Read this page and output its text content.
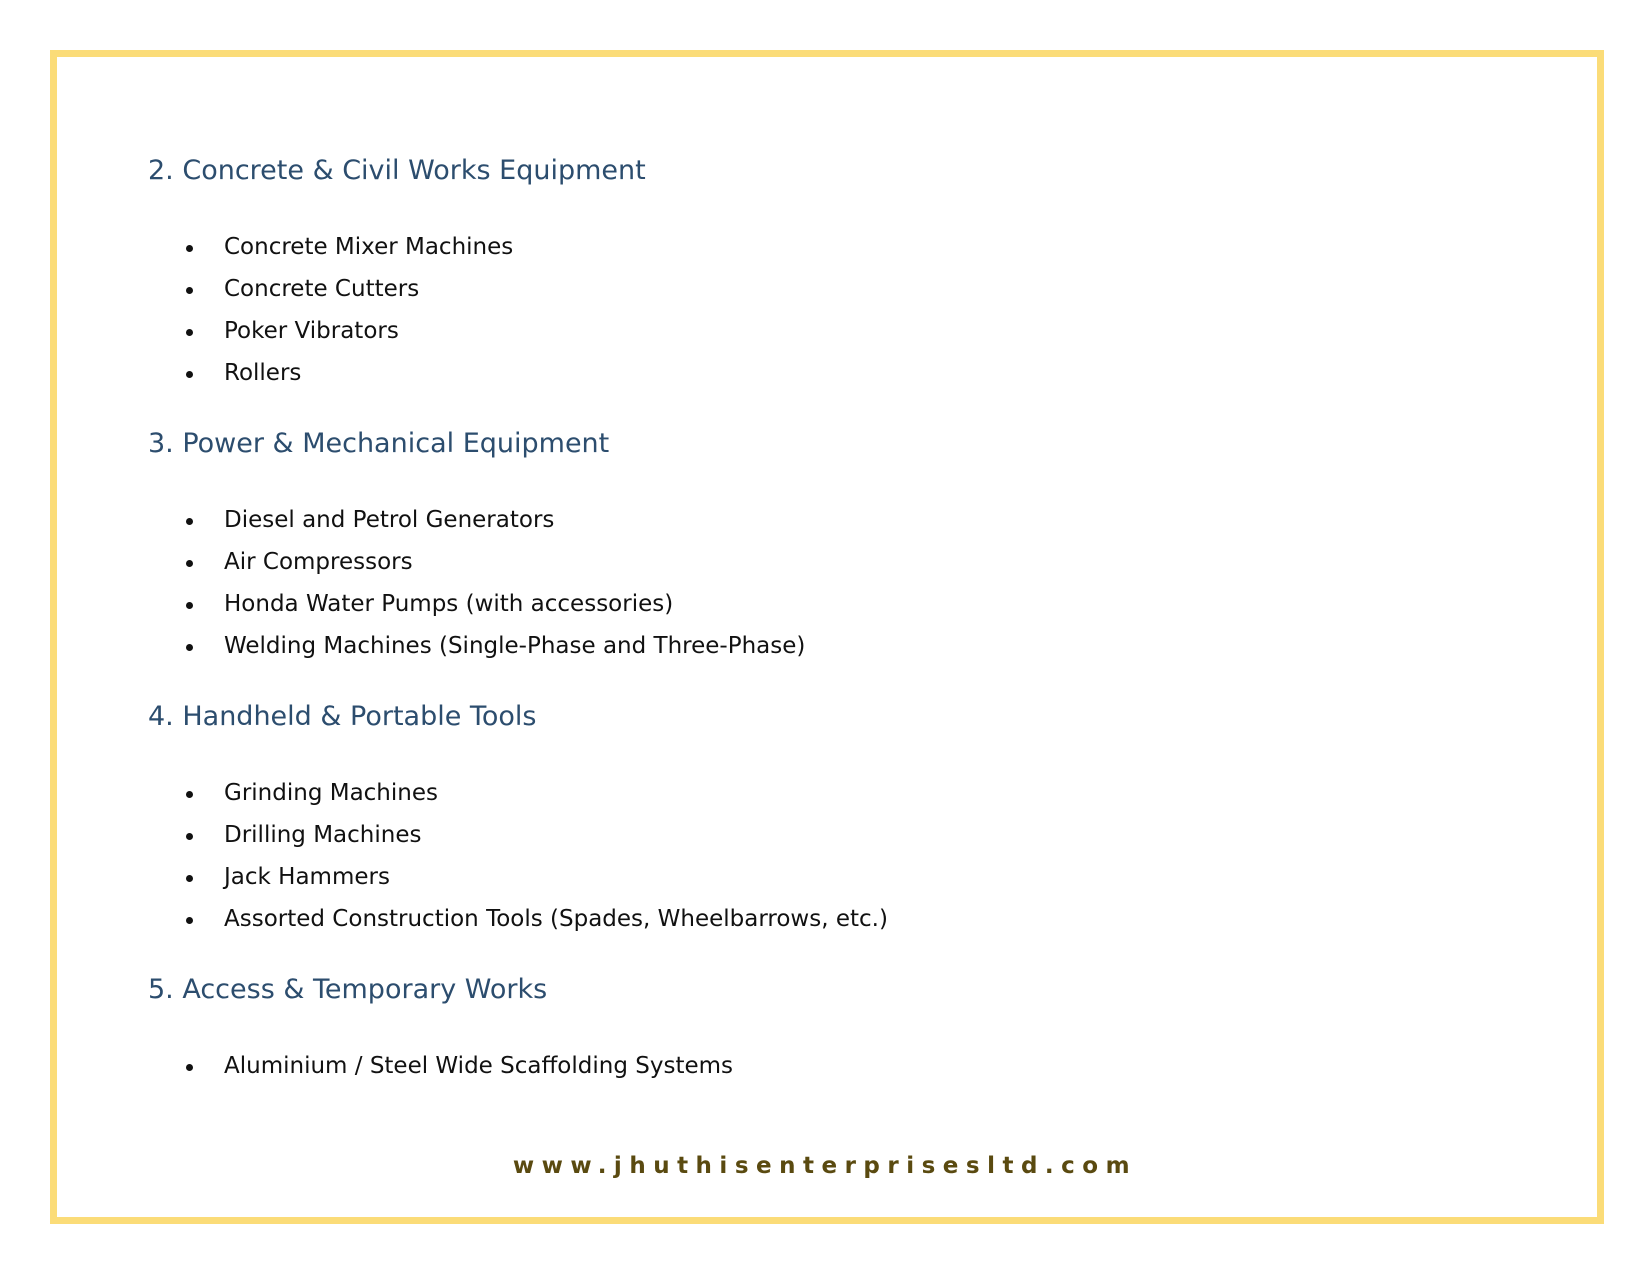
2. Concrete & Civil Works Equipment
Concrete Mixer Machines
Concrete Cutters
Poker Vibrators
Rollers
3. Power & Mechanical Equipment
Diesel and Petrol Generators
Air Compressors
Honda Water Pumps (with accessories)
Welding Machines (Single-Phase and Three-Phase)
4. Handheld & Portable Tools
Grinding Machines
Drilling Machines
Jack Hammers
Assorted Construction Tools (Spades, Wheelbarrows, etc.)
5. Access & Temporary Works
Aluminium / Steel Wide Scaffolding Systems
www.jhuthisenterprisesltd.com
